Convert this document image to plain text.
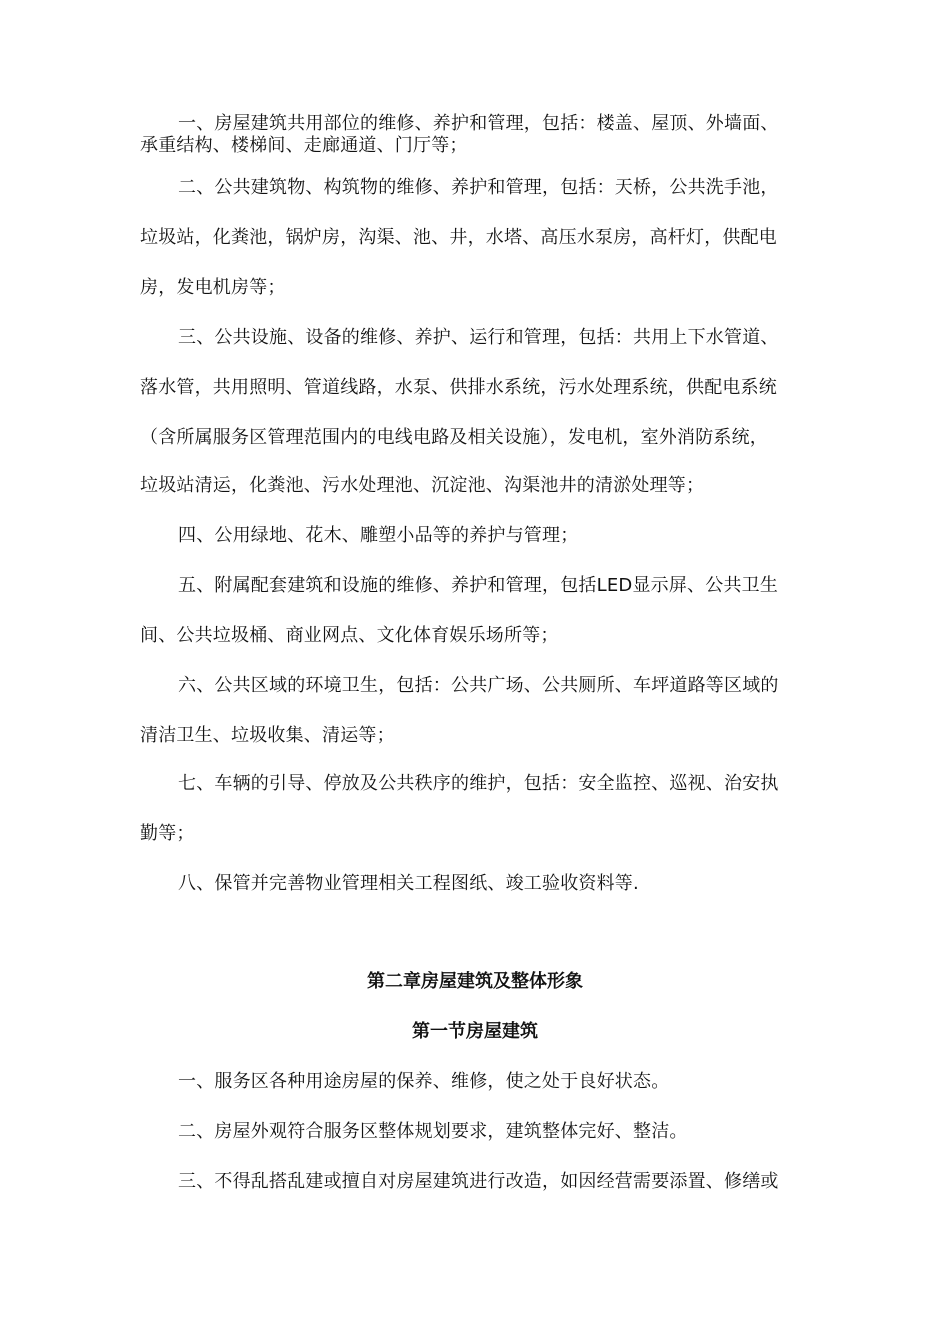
一、房屋建筑共用部位的维修、养护和管理，包括：楼盖、屋顶、外墙面、
承重结构、楼梯间、走廊通道、门厅等；
二、公共建筑物、构筑物的维修、养护和管理，包括：天桥，公共洗手池，
垃圾站，化粪池，锅炉房，沟渠、池、井，水塔、高压水泵房，高杆灯，供配电
房，发电机房等；
三、公共设施、设备的维修、养护、运行和管理，包括：共用上下水管道、
落水管，共用照明、管道线路，水泵、供排水系统，污水处理系统，供配电系统
（含所属服务区管理范围内的电线电路及相关设施），发电机，室外消防系统，
垃圾站清运，化粪池、污水处理池、沉淀池、沟渠池井的清淤处理等；
四、公用绿地、花木、雕塑小品等的养护与管理；
五、附属配套建筑和设施的维修、养护和管理，包括LED显示屏、公共卫生
间、公共垃圾桶、商业网点、文化体育娱乐场所等；
六、公共区域的环境卫生，包括：公共广场、公共厕所、车坪道路等区域的
清洁卫生、垃圾收集、清运等；
七、车辆的引导、停放及公共秩序的维护，包括：安全监控、巡视、治安执
勤等；
八、保管并完善物业管理相关工程图纸、竣工验收资料等.
第二章房屋建筑及整体形象
第一节房屋建筑
一、服务区各种用途房屋的保养、维修，使之处于良好状态。
二、房屋外观符合服务区整体规划要求，建筑整体完好、整洁。
三、不得乱搭乱建或擅自对房屋建筑进行改造，如因经营需要添置、修缮或
